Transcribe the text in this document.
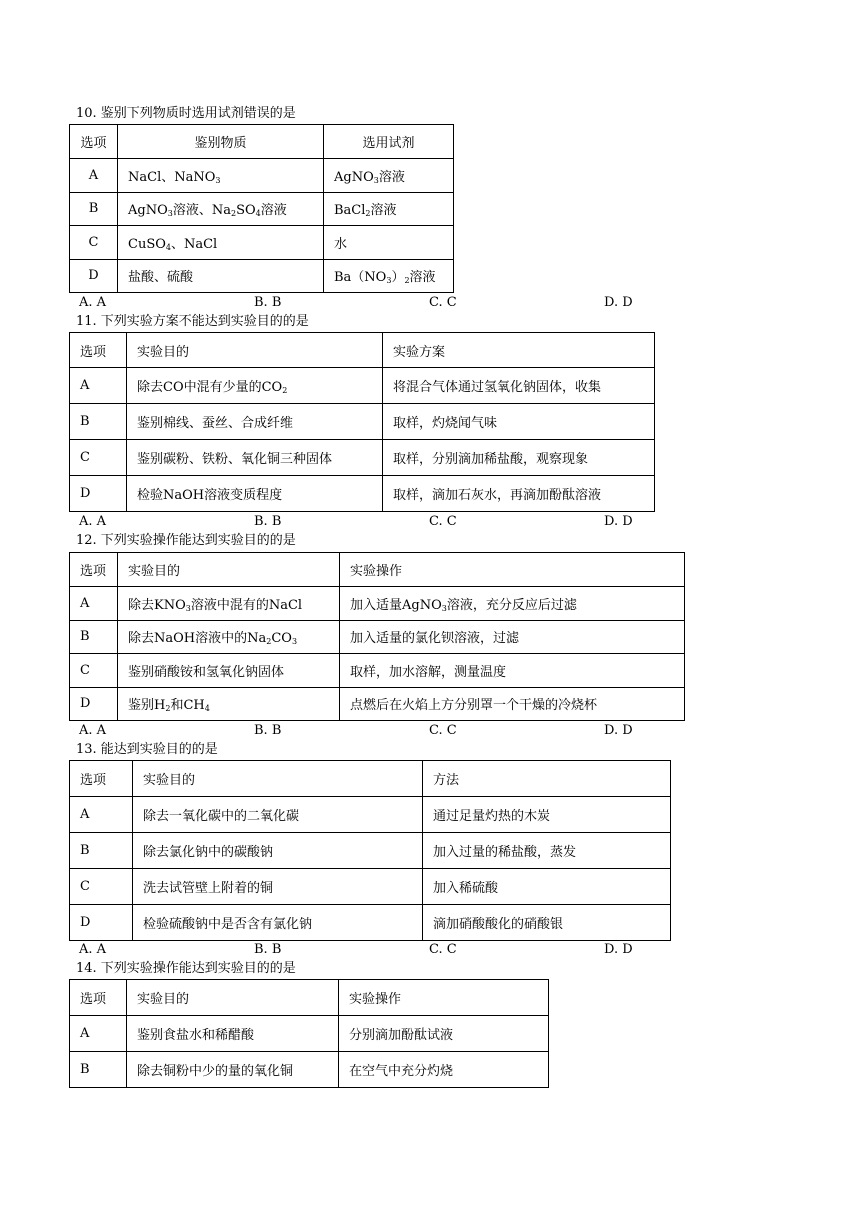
10. 鉴别下列物质时选用试剂错误的是
选项	鉴别物质	选用试剂
A	NaCl、NaNO$_3$	AgNO$_3$溶液
B	AgNO$_3$溶液、$Na_2SO_4$溶液	BaCl$_2$溶液
C	CuSO$_4$、NaCl	水
D	盐酸、硫酸	$Ba(NO_3)_2$溶液
A. A	B. B	C. C	D. D
11. 下列实验方案不能达到实验目的的是
选项	实验目的	实验方案
A	除去CO中混有少量的$CO_2$	将混合气体通过氢氧化钠固体，收集
B	鉴别棉线、蚕丝、合成纤维	取样，灼烧闻气味
C	鉴别碳粉、铁粉、氧化铜三种固体	取样，分别滴加稀盐酸，观察现象
D	检验NaOH溶液变质程度	取样，滴加石灰水，再滴加酚酞溶液
A. A	B. B	C. C	D. D
12. 下列实验操作能达到实验目的的是
选项	实验目的	实验操作
A	除去$KNO_3$溶液中混有的NaCl	加入适量AgNO$_3$溶液，充分反应后过滤
B	除去NaOH溶液中的$Na_2CO_3$	加入适量的氯化钡溶液，过滤
C	鉴别硝酸铵和氢氧化钠固体	取样，加水溶解，测量温度
D	鉴别$H_2$和$CH_4$	点燃后在火焰上方分别罩一个干燥的冷烧杯
A. A	B. B	C. C	D. D
13. 能达到实验目的的是
选项	实验目的	方法
A	除去一氧化碳中的二氧化碳	通过足量灼热的木炭
B	除去氯化钠中的碳酸钠	加入过量的稀盐酸，蒸发
C	洗去试管壁上附着的铜	加入稀硫酸
D	检验硫酸钠中是否含有氯化钠	滴加硝酸酸化的硝酸银
A. A	B. B	C. C	D. D
14. 下列实验操作能达到实验目的的是
选项	实验目的	实验操作
A	鉴别食盐水和稀醋酸	分别滴加酚酞试液
B	除去铜粉中少的量的氧化铜	在空气中充分灼烧
